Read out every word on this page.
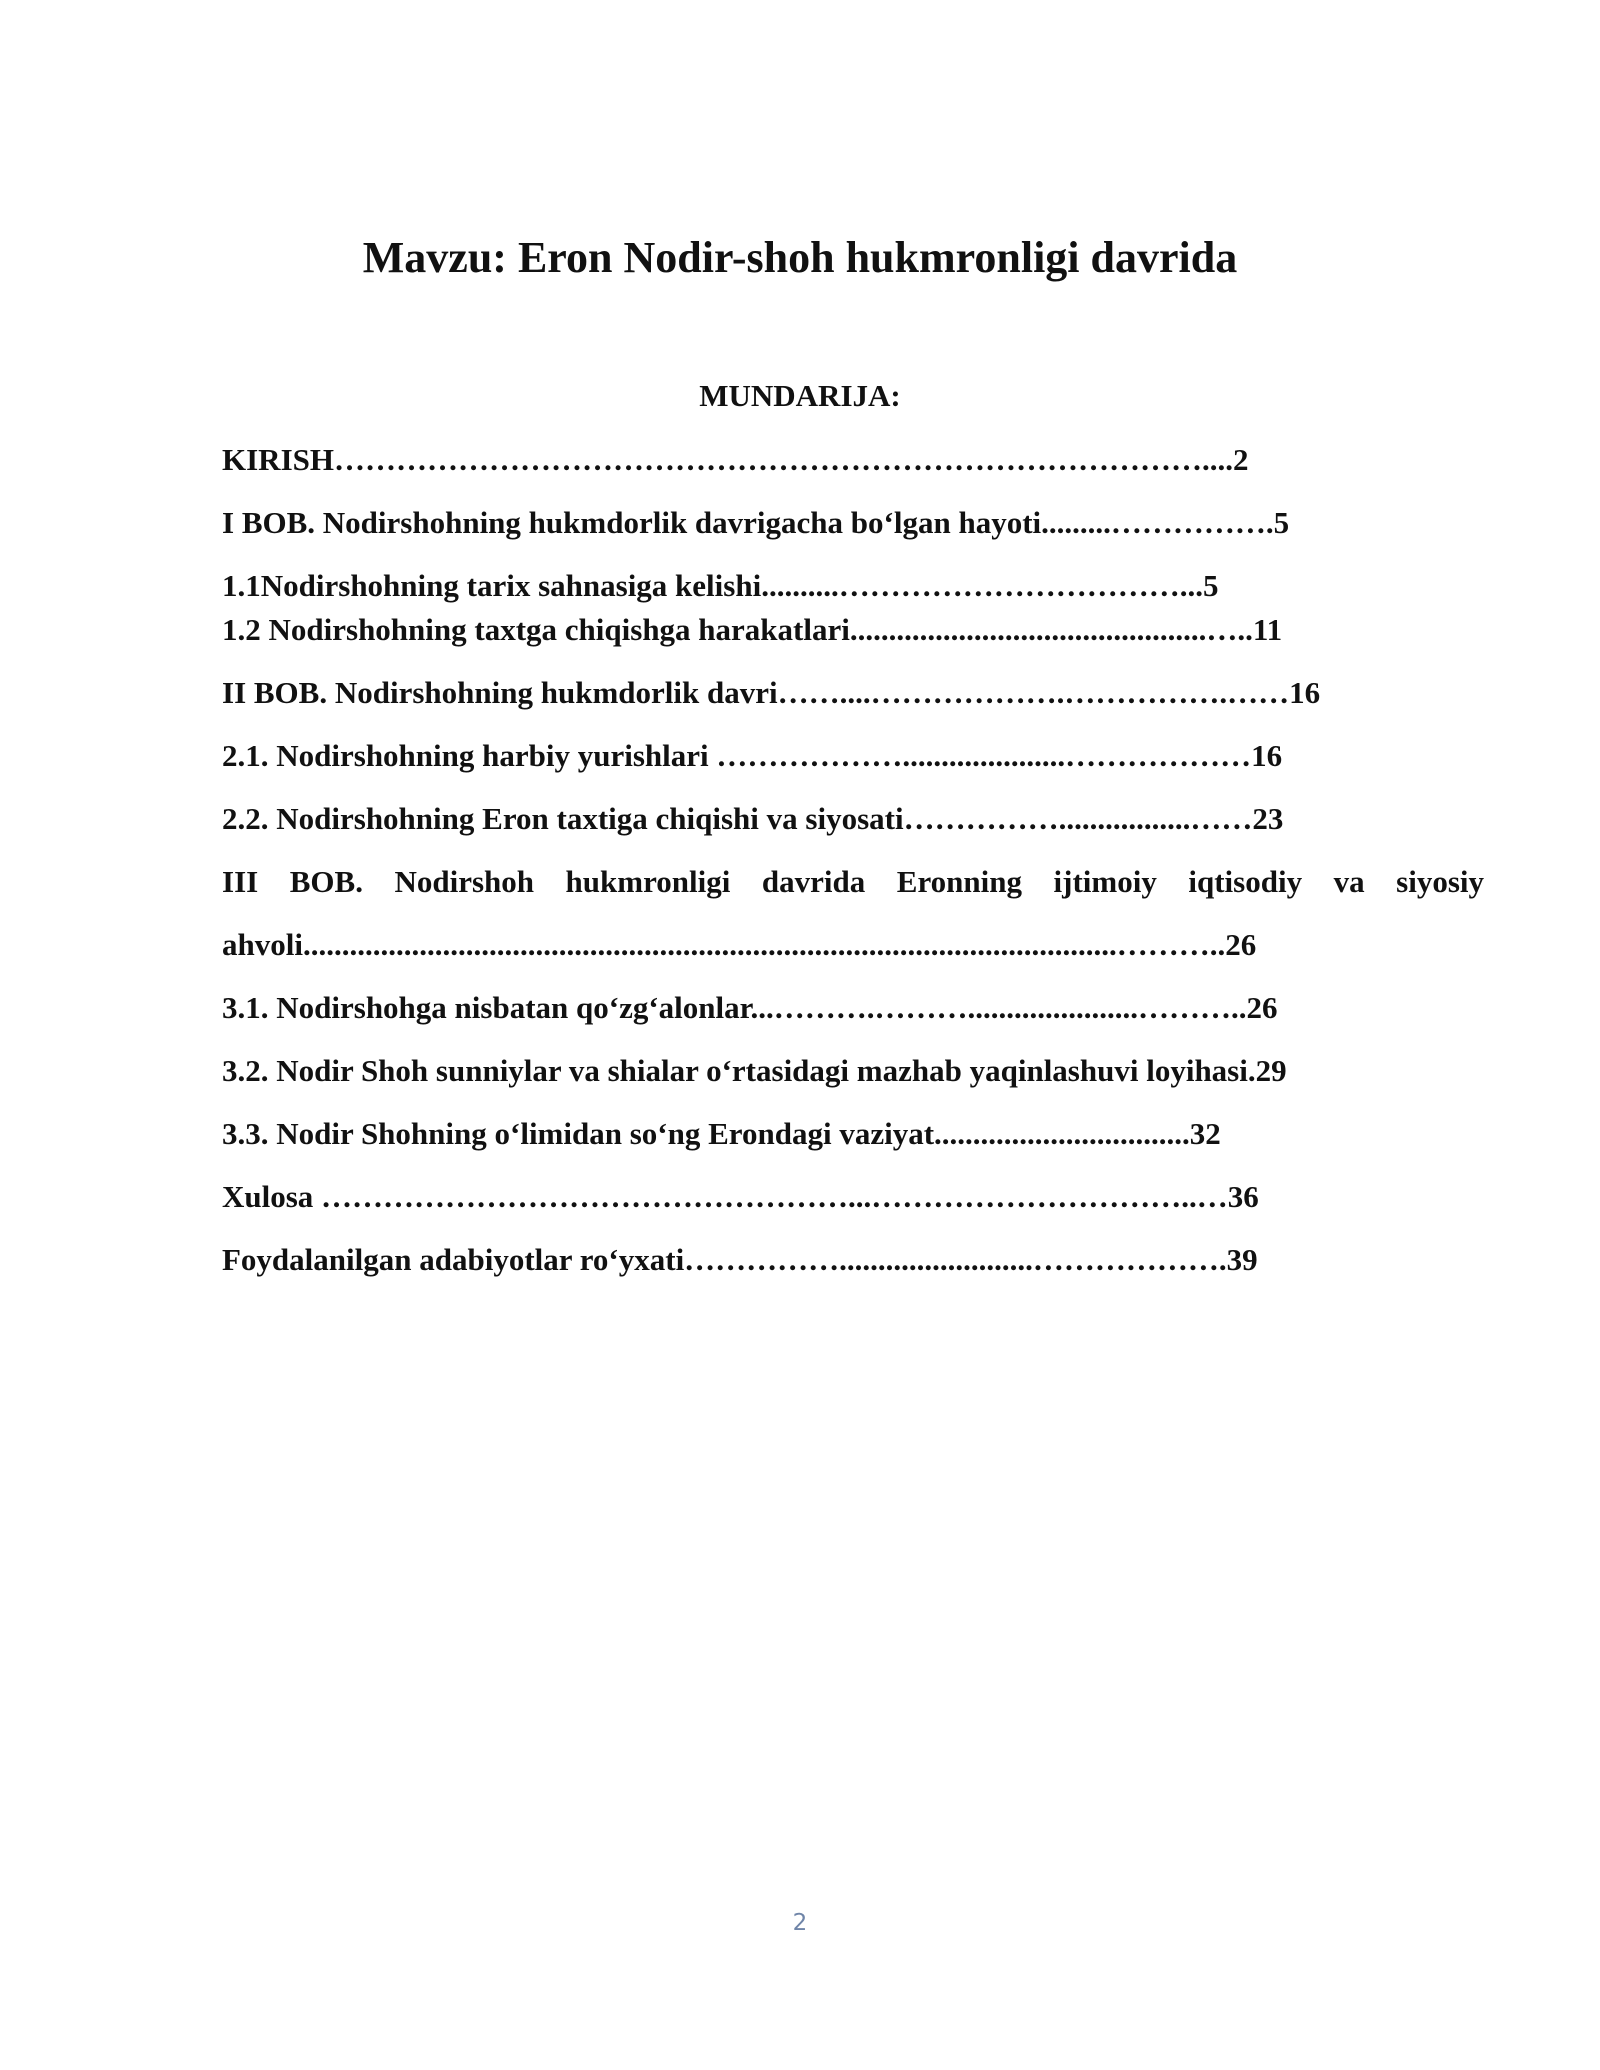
Mavzu: Eron Nodir-shoh hukmronligi davrida
MUNDARIJA:
KIRISH…………………………………………………………………………....2
I BOB. Nodirshohning hukmdorlik davrigacha bo‘lgan hayoti.........…………….5
1.1Nodirshohning tarix sahnasiga kelishi..........……………………………...5
1.2 Nodirshohning taxtga chiqishga harakatlari..............................................…..11
II BOB. Nodirshohning hukmdorlik davri……....……………….…………….……16
2.1. Nodirshohning harbiy yurishlari ……………….....................………………16
2.2. Nodirshohning Eron taxtiga chiqishi va siyosati…………….................……23
III BOB. Nodirshoh hukmronligi davrida Eronning ijtimoiy iqtisodiy va siyosiy
ahvoli.........................................................................................................………..26
3.1. Nodirshohga nisbatan qo‘zg‘alonlar...……….………......................………..26
3.2. Nodir Shoh sunniylar va shialar o‘rtasidagi mazhab yaqinlashuvi loyihasi.29
3.3. Nodir Shohning o‘limidan so‘ng Erondagi vaziyat.................................32
Xulosa ……………………………………………...…………………………..…36
Foydalanilgan adabiyotlar ro‘yxati…………….........................……………….39
2
